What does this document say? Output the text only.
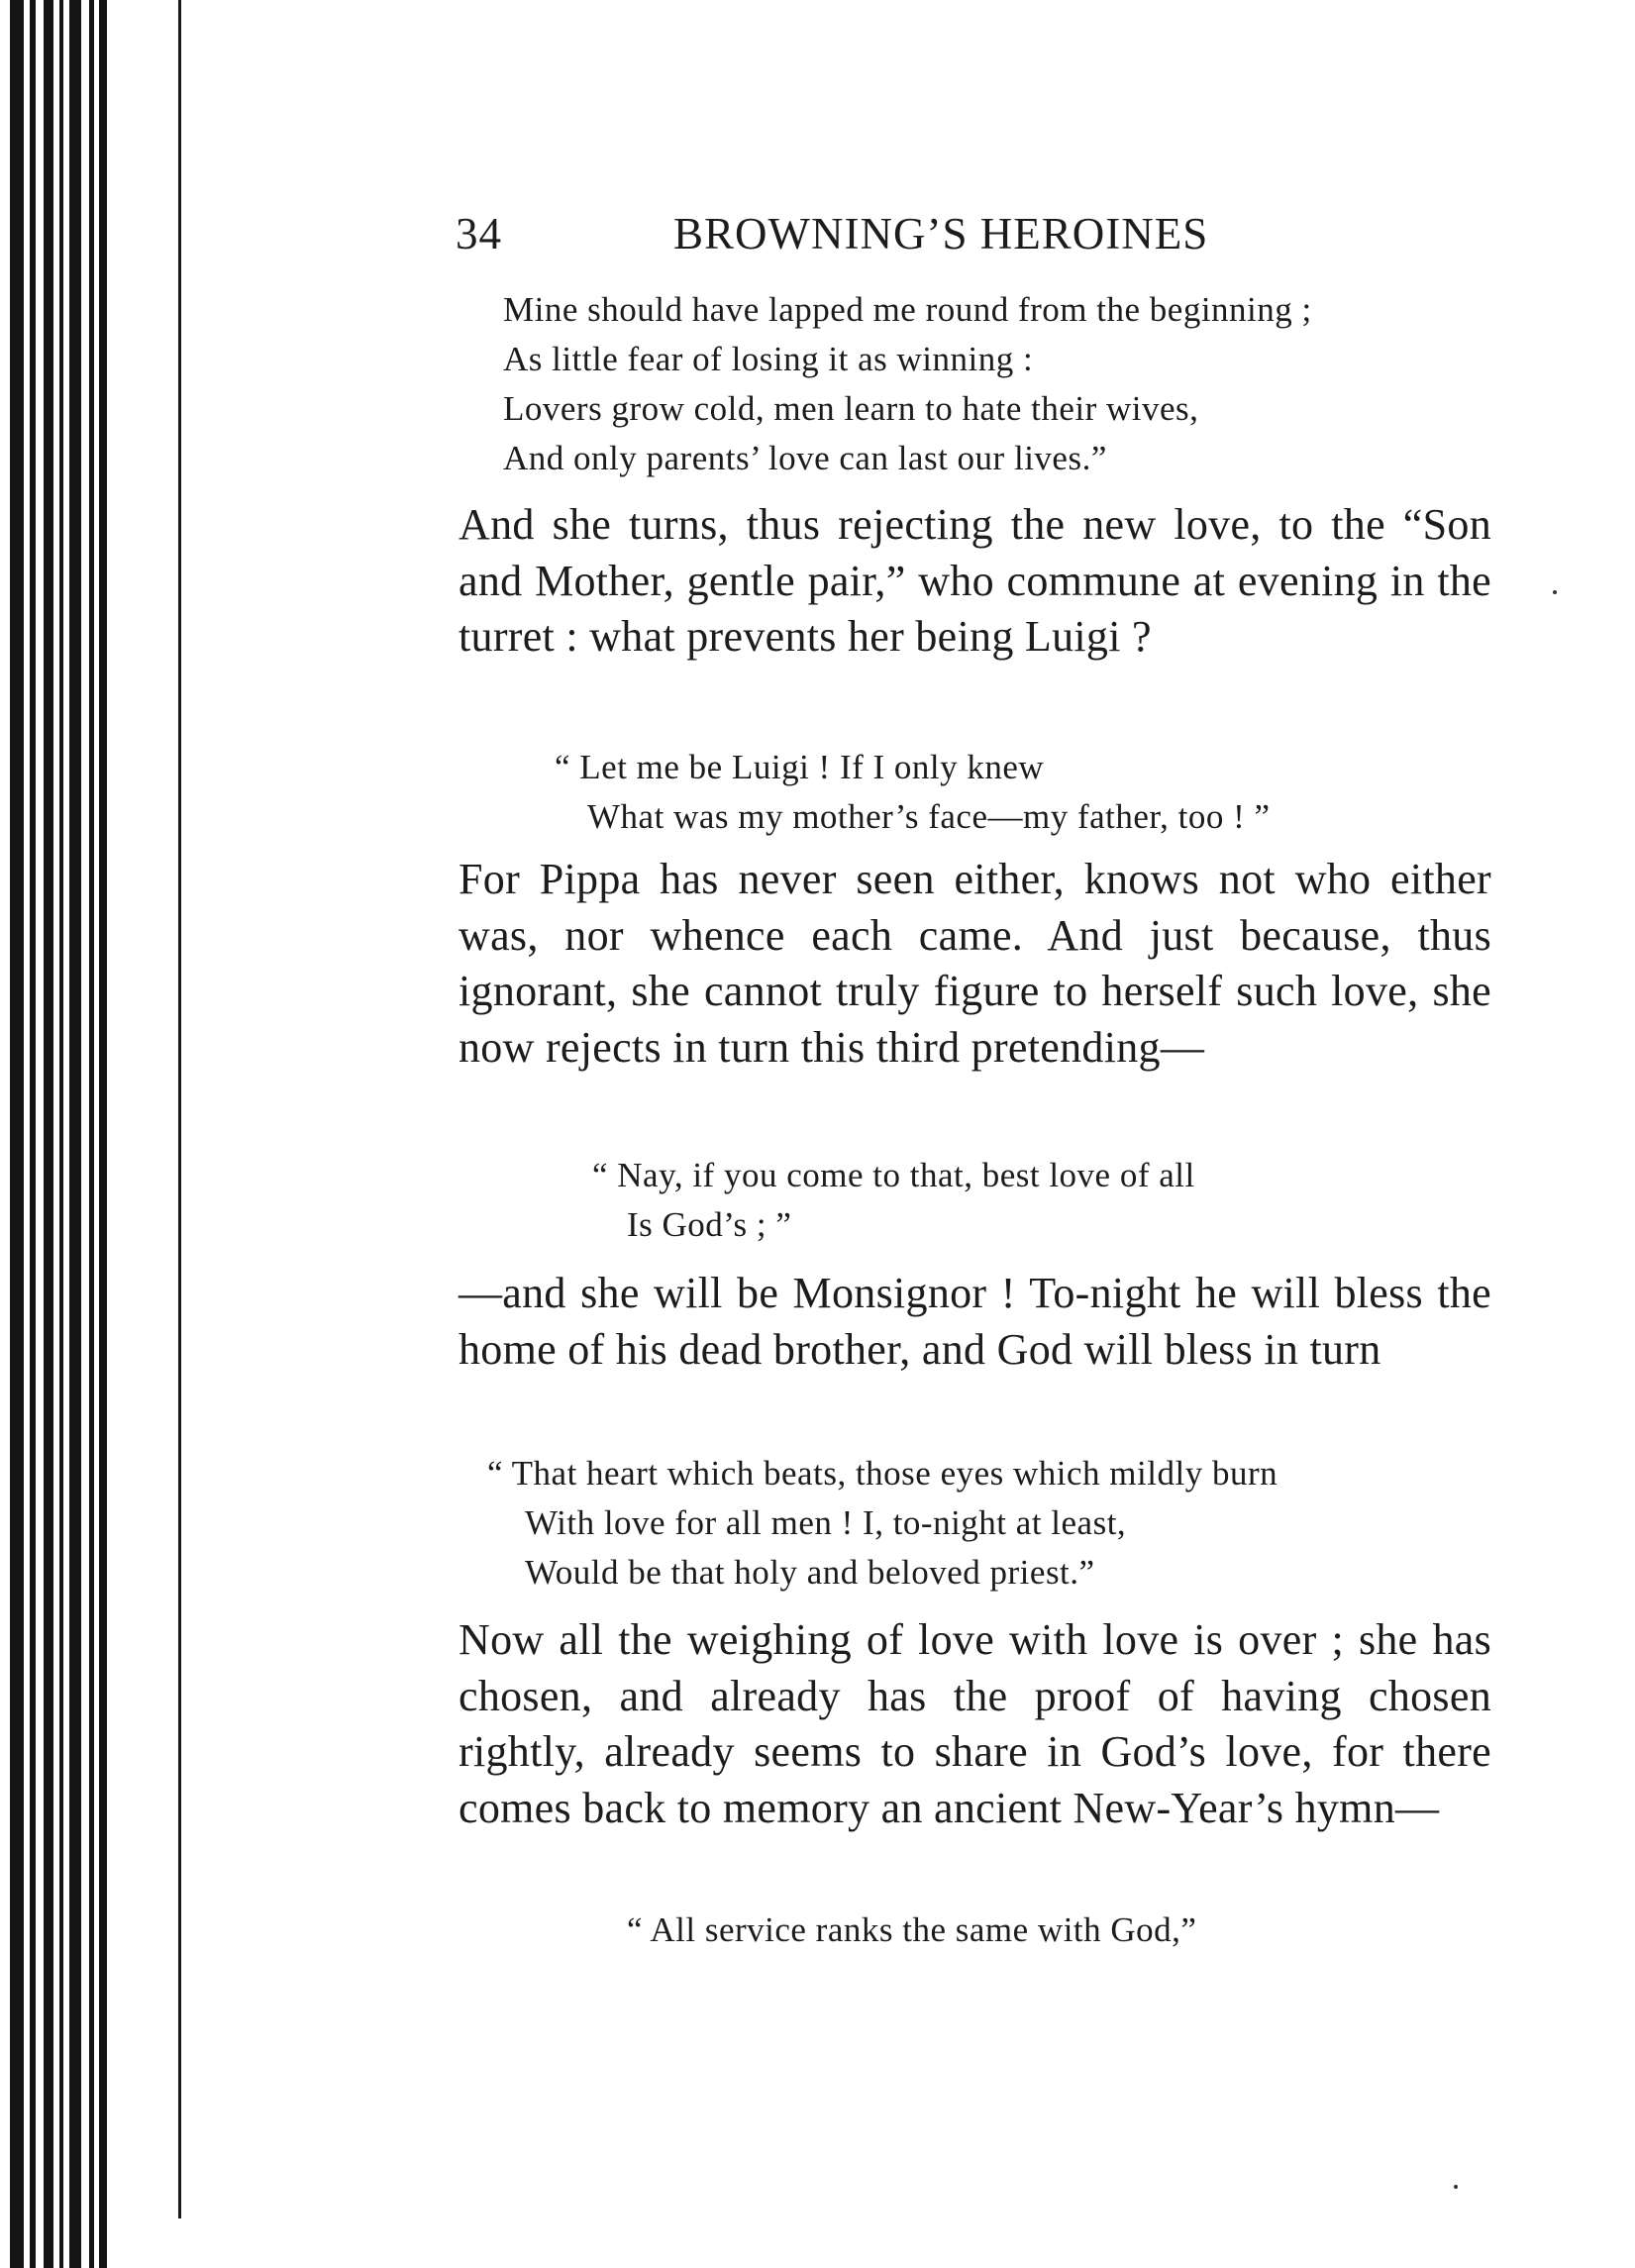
34	BROWNING’S HEROINES
Mine should have lapped me round from the beginning ;
As little fear of losing it as winning :
Lovers grow cold, men learn to hate their wives,
And only parents’ love can last our lives.”

And she turns, thus rejecting the new love, to the “Son and Mother, gentle pair,” who commune at evening in the turret : what prevents her being Luigi ?

“ Let me be Luigi ! If I only knew
What was my mother’s face—my father, too ! ”

For Pippa has never seen either, knows not who either was, nor whence each came. And just because, thus ignorant, she cannot truly figure to herself such love, she now rejects in turn this third pretending—

“ Nay, if you come to that, best love of all
Is God’s ; ”

—and she will be Monsignor ! To-night he will bless the home of his dead brother, and God will bless in turn

“ That heart which beats, those eyes which mildly burn
With love for all men ! I, to-night at least,
Would be that holy and beloved priest.”

Now all the weighing of love with love is over ; she has chosen, and already has the proof of having chosen rightly, already seems to share in God’s love, for there comes back to memory an ancient New-Year’s hymn—

“ All service ranks the same with God,”
